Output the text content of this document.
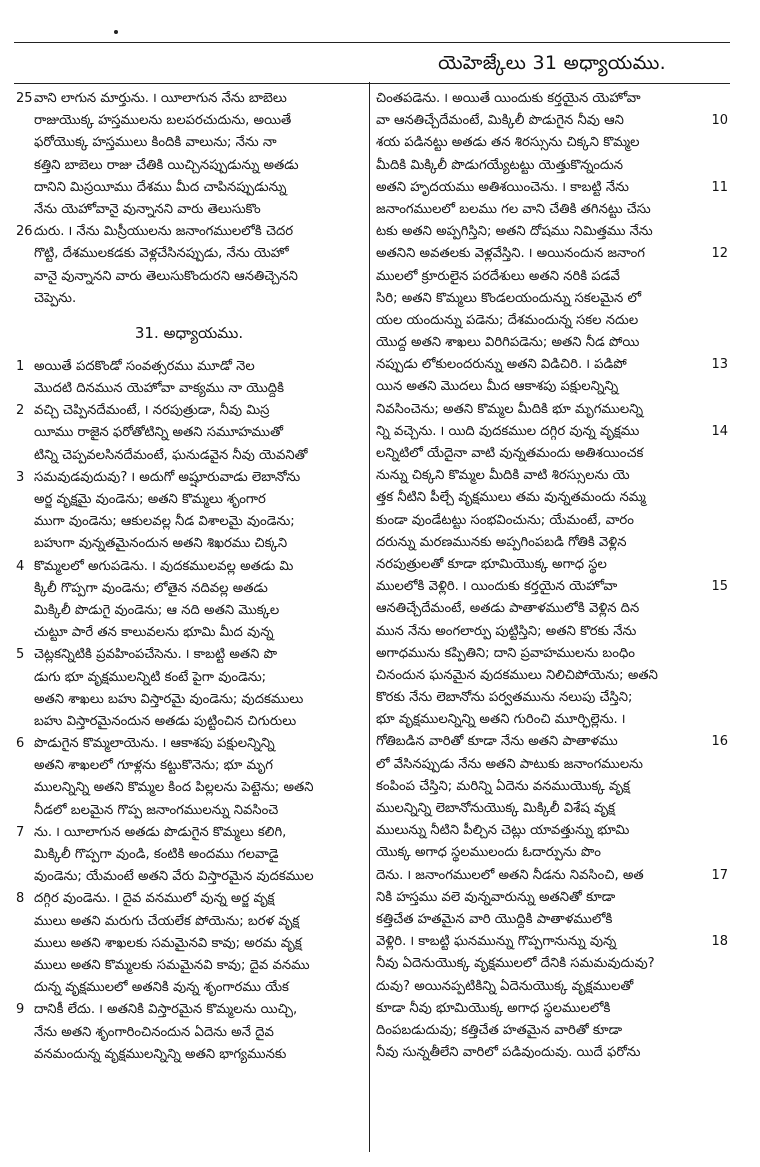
యెహెజ్కేలు 31 అధ్యాయము.
25వాని లాగున మార్తును. ౹ యీలాగున నేను బాబెలు
రాజుయొక్క హస్తములను బలపరచుదును, అయితే
ఫరోయొక్క హస్తములు కిందికి వాలును; నేను నా
కత్తిని బాబెలు రాజు చేతికి యిచ్చినప్పుడున్ను అతడు
దానిని మిస్రయీము దేశము మీద చాపినప్పుడున్ను
నేను యెహోవానై వున్నానని వారు తెలుసుకొం
26దురు. ౹ నేను మిస్రీయులను జనాంగములలోకి చెదర
గొట్టి, దేశములకడకు వెళ్లచేసినప్పుడు, నేను యెహో
వానై వున్నానని వారు తెలుసుకొందురని ఆనతిచ్చెనని
చెప్పెను.
31. అధ్యాయము.
1 అయితే పదకొండో సంవత్సరము మూడో నెల
మొదటి దినమున యెహోవా వాక్యము నా యొద్దికి
2 వచ్చి చెప్పినదేమంటే, ౹ నరపుత్రుడా, నీవు మిస్ర
యీము రాజైన ఫరోతోటిన్ని అతని సమూహముతో
టిన్ని చెప్పవలసినదేమంటే, ఘనుడవైన నీవు యెవనితో
3 సమవుడవుదువు? ౹ అదుగో అష్షూరువాడు లెబానోను
అర్జ వృక్షమై వుండెను; అతని కొమ్మలు శృంగార
ముగా వుండెను; ఆకులవల్ల నీడ విశాలమై వుండెను;
బహుగా వున్నతమైనందున అతని శిఖరము చిక్కని
4 కొమ్మలలో అగుపడెను. ౹ వుదకములవల్ల అతడు మి
క్కిలీ గొప్పగా వుండెను; లోతైన నదివల్ల అతడు
మిక్కిలీ పొడుగై వుండెను; ఆ నది అతని మొక్కల
చుట్టూ పారే తన కాలువలను భూమి మీద వున్న
5 చెట్లకన్నిటికి ప్రవహింపచేసెను. ౹ కాబట్టి అతని పొ
డుగు భూ వృక్షములన్నిటి కంటే పైగా వుండెను;
అతని శాఖలు బహు విస్తారమై వుండెను; వుదకములు
బహు విస్తారమైనందున అతడు పుట్టించిన చిగురులు
6 పొడుగైన కొమ్మలాయెను. ౹ ఆకాశపు పక్షులన్నిన్ని
అతని శాఖలలో గూళ్లను కట్టుకొనెను; భూ మృగ
ములన్నిన్ని అతని కొమ్మల కింద పిల్లలను పెట్టెను; అతని
నీడలో బలమైన గొప్ప జనాంగములన్ను నివసించె
7 ను. ౹ యీలాగున అతడు పొడుగైన కొమ్మలు కలిగి,
మిక్కిలీ గొప్పగా వుండి, కంటికి అందము గలవాడై
వుండెను; యేమంటే అతని వేరు విస్తారమైన వుదకముల
8 దగ్గిర వుండెను. ౹ దైవ వనములో వున్న అర్జ వృక్ష
ములు అతని మరుగు చేయలేక పోయెను; బరళ వృక్ష
ములు అతని శాఖలకు సమమైనవి కావు; అరమ వృక్ష
ములు అతని కొమ్మలకు సమమైనవి కావు; దైవ వనము
దున్న వృక్షములలో అతనికి వున్న శృంగారము యేక
9 దానికీ లేదు. ౹ అతనికి విస్తారమైన కొమ్మలను యిచ్చి,
నేను అతని శృంగారించినందున ఏదెను అనే దైవ
వనమందున్న వృక్షములన్నిన్ని అతని భాగ్యమునకు
చింతపడెను. ౹ అయితే యిందుకు కర్తయైన యెహోవా
వా ఆనతిచ్చేదేమంటే, మిక్కిలీ పొడుగైన నీవు ఆని	10
శయ పడినట్టు అతడు తన శిరస్సును చిక్కని కొమ్మల
మీదికి మిక్కిలీ పొడుగయ్యేటట్టు యెత్తుకొన్నందున
అతని హృదయము అతిశయించెను. ౹ కాబట్టి నేను	11
జనాంగములలో బలము గల వాని చేతికి తగినట్టు చేసు
టకు అతని అప్పగిస్తిని; అతని దోషము నిమిత్తము నేను
అతనిని అవతలకు వెళ్లవేస్తిని. ౹ అయినందున జనాంగ	12
ములలో క్రూరులైన పరదేశులు అతని నరికి పడవే
సిరి; అతని కొమ్మలు కొండలయందున్ను సకలమైన లో
యల యందున్ను పడెను; దేశమందున్న సకల నదుల
యొద్ద అతని శాఖలు విరిగిపడెను; అతని నీడ పోయి
నప్పుడు లోకులందరున్ను అతని విడిచిరి. ౹ పడిపో	13
యిన అతని మొదలు మీద ఆకాశపు పక్షులన్నిన్ని
నివసించెను; అతని కొమ్మల మీదికి భూ మృగములన్ని
న్ని వచ్చెను. ౹ యిది వుదకముల దగ్గిర వున్న వృక్షము	14
లన్నిటిలో యేదైనా వాటి వున్నతమందు అతిశయించక
నున్ను చిక్కని కొమ్మల మీదికి వాటి శిరస్సులను యె
త్తక నీటిని పీల్చే వృక్షములు తమ వున్నతమందు నమ్మ
కుండా వుండేటట్టు సంభవించును; యేమంటే, వారం
దరున్ను మరణమునకు అప్పగింపబడి గోతికి వెళ్లిన
నరపుత్రులతో కూడా భూమియొక్క అగాధ స్థల
ములలోకి వెళ్లిరి. ౹ యిందుకు కర్తయైన యెహోవా	15
ఆనతిచ్చేదేమంటే, అతడు పాతాళములోకి వెళ్లిన దిన
మున నేను అంగలార్పు పుట్టిస్తిని; అతని కొరకు నేను
అగాధమును కప్పితిని; దాని ప్రవాహములను బంధిం
చినందున ఘనమైన వుదకములు నిలిచిపోయెను; అతని
కొరకు నేను లెబానోను పర్వతమును నలుపు చేస్తిని;
భూ వృక్షములన్నిన్ని అతని గురించి మూర్ఛిల్లెను. ౹
గోతిబడిన వారితో కూడా నేను అతని పాతాళము	16
లో వేసినప్పుడు నేను అతని పాటుకు జనాంగములను
కంపింప చేస్తిని; మరిన్ని ఏదెను వనముయొక్క వృక్ష
ములన్నిన్ని లెబానోనుయొక్క మిక్కిలీ విశేష వృక్ష
ములున్ను నీటిని పీల్చిన చెట్లు యావత్తున్ను భూమి
యొక్క అగాధ స్థలములందు ఓదార్పును పొం
దెను. ౹ జనాంగములలో అతని నీడను నివసించి, అత	17
నికి హస్తము వలె వున్నవారున్ను అతనితో కూడా
కత్తిచేత హతమైన వారి యొద్దికి పాతాళములోకి
వెళ్లిరి. ౹ కాబట్టి ఘనమున్ను గొప్పగానున్ను వున్న	18
నీవు ఏదెనుయొక్క వృక్షములలో దేనికి సమమవుదువు?
దువు? అయినప్పటికిన్ని ఏదెనుయొక్క వృక్షములతో
కూడా నీవు భూమియొక్క అగాధ స్థలములలోకి
దింపబడుదువు; కత్తిచేత హతమైన వారితో కూడా
నీవు సున్నతీలేని వారిలో పడివుందువు. యిదే ఫరోను
